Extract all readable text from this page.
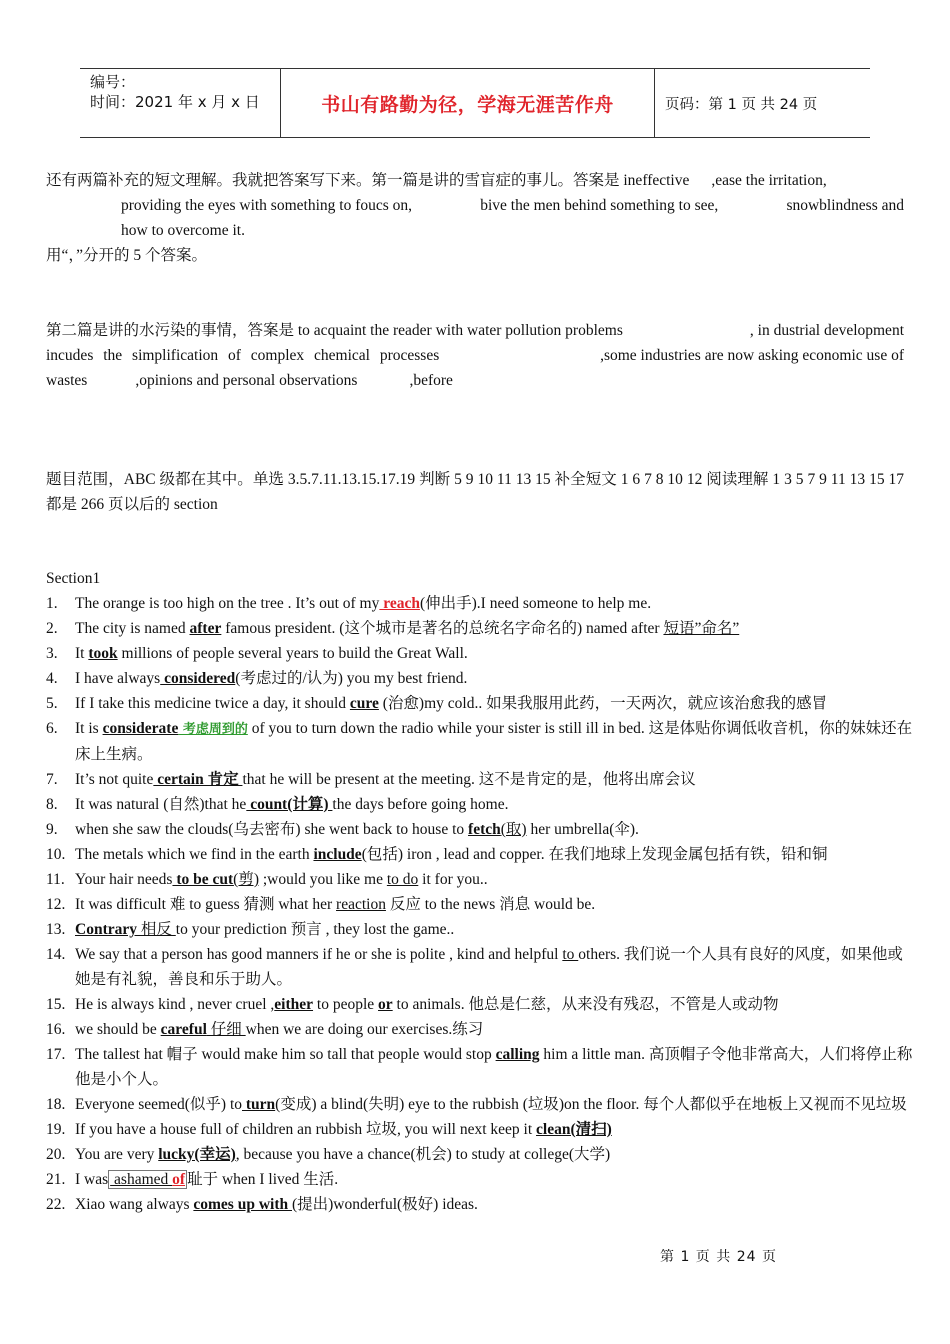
编号：
时间：2021 年 x 月 x 日	书山有路勤为径，学海无涯苦作舟	页码：第 1 页 共 24 页
还有两篇补充的短文理解。我就把答案写下来。第一篇是讲的雪盲症的事儿。答案是 ineffective ,ease the irritation,
providing the eyes with something to foucs on,	bive the men behind something to see,	snowblindness and
how to overcome it.
用“，”分开的 5 个答案。
第二篇是讲的水污染的事情，答案是 to acquaint the reader with water pollution problems	, in dustrial development
incudes the simplification of complex chemical processes	,some industries are now asking economic use of
wastes	,opinions and personal observations	,before
题目范围，ABC 级都在其中。单选 3.5.7.11.13.15.17.19 判断 5 9 10 11 13 15 补全短文 1 6 7 8 10 12 阅读理解 1 3 5 7 9 11 13 15 17 都是 266 页以后的 section
Section1
1. The orange is too high on the tree . It’s out of my reach(伸出手).I need someone to help me.
2. The city is named after famous president. (这个城市是著名的总统名字命名的) named after 短语”命名”
3. It took millions of people several years to build the Great Wall.
4. I have always considered(考虑过的/认为) you my best friend.
5. If I take this medicine twice a day, it should cure (治愈)my cold.. 如果我服用此药，一天两次，就应该治愈我的感冒
6. It is considerate 考虑周到的 of you to turn down the radio while your sister is still ill in bed. 这是体贴你调低收音机，你的妹妹还在床上生病。
7. It’s not quite certain 肯定 that he will be present at the meeting. 这不是肯定的是，他将出席会议
8. It was natural (自然)that he count(计算) the days before going home.
9. when she saw the clouds(乌去密布) she went back to house to fetch(取) her umbrella(伞).
10. The metals which we find in the earth include(包括) iron , lead and copper. 在我们地球上发现金属包括有铁，铅和铜
11. Your hair needs to be cut(剪) ;would you like me to do it for you..
12. It was difficult 难 to guess 猜测 what her reaction 反应 to the news 消息 would be.
13. Contrary 相反 to your prediction 预言 , they lost the game..
14. We say that a person has good manners if he or she is polite , kind and helpful to others. 我们说一个人具有良好的风度，如果他或她是有礼貌，善良和乐于助人。
15. He is always kind , never cruel ,either to people or to animals. 他总是仁慈，从来没有残忍，不管是人或动物
16. we should be careful 仔细 when we are doing our exercises.练习
17. The tallest hat 帽子 would make him so tall that people would stop calling him a little man. 高顶帽子令他非常高大，人们将停止称他是小个人。
18. Everyone seemed(似乎) to turn(变成) a blind(失明) eye to the rubbish (垃圾)on the floor. 每个人都似乎在地板上又视而不见垃圾
19. If you have a house full of children an rubbish 垃圾, you will next keep it clean(清扫)
20. You are very lucky(幸运), because you have a chance(机会) to study at college(大学)
21. I was ashamed of 耻于 when I lived 生活.
22. Xiao wang always comes up with (提出)wonderful(极好) ideas.
第 1 页 共 24 页
